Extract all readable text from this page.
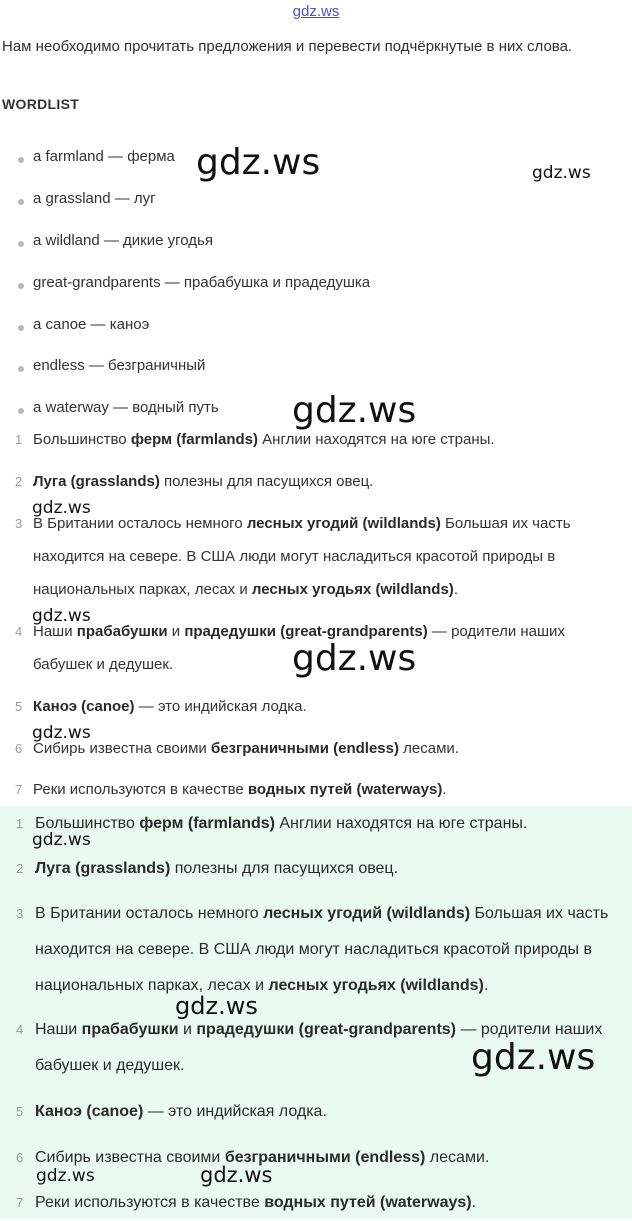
gdz.ws
Нам необходимо прочитать предложения и перевести подчёркнутые в них слова.
WORDLIST
a farmland — ферма
a grassland — луг
a wildland — дикие угодья
great-grandparents — прабабушка и прадедушка
a canoe — каноэ
endless — безграничный
a waterway — водный путь
1 Большинство ферм (farmlands) Англии находятся на юге страны.
2 Луга (grasslands) полезны для пасущихся овец.
3 В Британии осталось немного лесных угодий (wildlands) Большая их часть находится на севере. В США люди могут насладиться красотой природы в национальных парках, лесах и лесных угодьях (wildlands).
4 Наши прабабушки и прадедушки (great-grandparents) — родители наших бабушек и дедушек.
5 Каноэ (canoe) — это индийская лодка.
6 Сибирь известна своими безграничными (endless) лесами.
7 Реки используются в качестве водных путей (waterways).
1 Большинство ферм (farmlands) Англии находятся на юге страны.
2 Луга (grasslands) полезны для пасущихся овец.
3 В Британии осталось немного лесных угодий (wildlands) Большая их часть находится на севере. В США люди могут насладиться красотой природы в национальных парках, лесах и лесных угодьях (wildlands).
4 Наши прабабушки и прадедушки (great-grandparents) — родители наших бабушек и дедушек.
5 Каноэ (canoe) — это индийская лодка.
6 Сибирь известна своими безграничными (endless) лесами.
7 Реки используются в качестве водных путей (waterways).
gdz.ws	gdz.ws
gdz.ws
gdz.ws
gdz.ws
gdz.ws
gdz.ws
gdz.ws
gdz.ws
gdz.ws
gdz.ws	gdz.ws
